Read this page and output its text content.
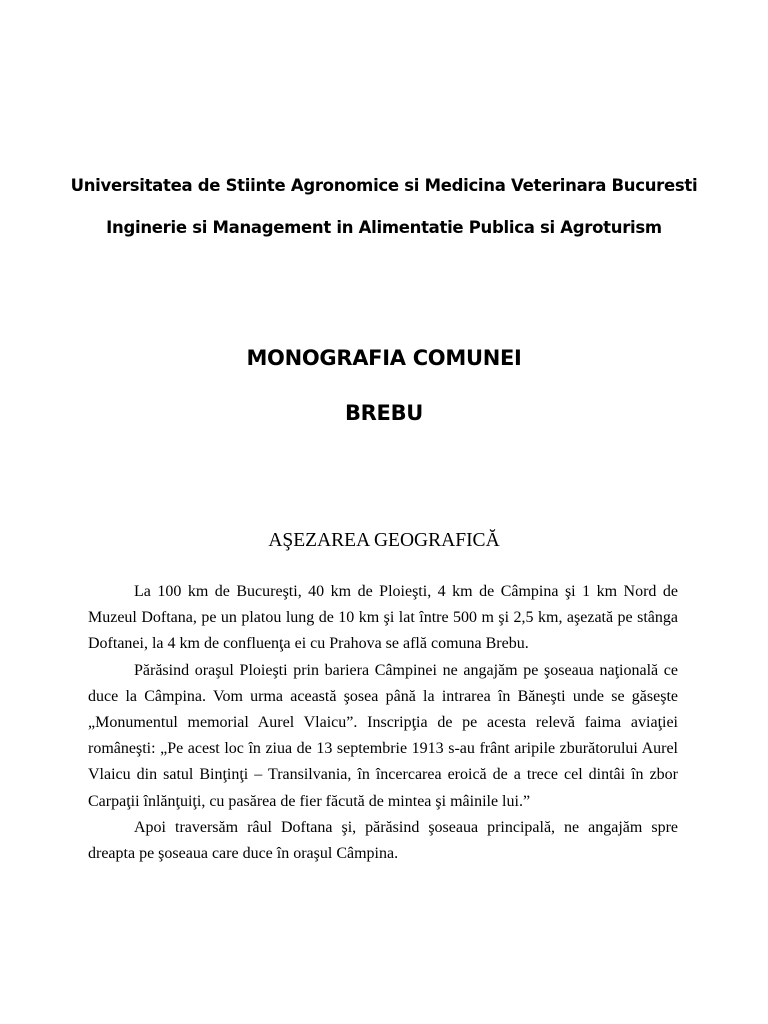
Universitatea de Stiinte Agronomice si Medicina Veterinara Bucuresti
Inginerie si Management in Alimentatie Publica si Agroturism
MONOGRAFIA COMUNEI
BREBU
AŞEZAREA GEOGRAFICĂ

La 100 km de Bucureşti, 40 km de Ploieşti, 4 km de Câmpina şi 1 km Nord de Muzeul Doftana, pe un platou lung de 10 km şi lat între 500 m şi 2,5 km, aşezată pe stânga Doftanei, la 4 km de confluenţa ei cu Prahova se află comuna Brebu.

Părăsind oraşul Ploieşti prin bariera Câmpinei ne angajăm pe şoseaua naţională ce duce la Câmpina. Vom urma această şosea până la intrarea în Băneşti unde se găseşte „Monumentul memorial Aurel Vlaicu”. Inscripţia de pe acesta relevă faima aviaţiei româneşti: „Pe acest loc în ziua de 13 septembrie 1913 s-au frânt aripile zburătorului Aurel Vlaicu din satul Binţinţi – Transilvania, în încercarea eroică de a trece cel dintâi în zbor Carpaţii înlănţuiţi, cu pasărea de fier făcută de mintea şi mâinile lui.”

Apoi traversăm râul Doftana şi, părăsind şoseaua principală, ne angajăm spre dreapta pe şoseaua care duce în oraşul Câmpina.
